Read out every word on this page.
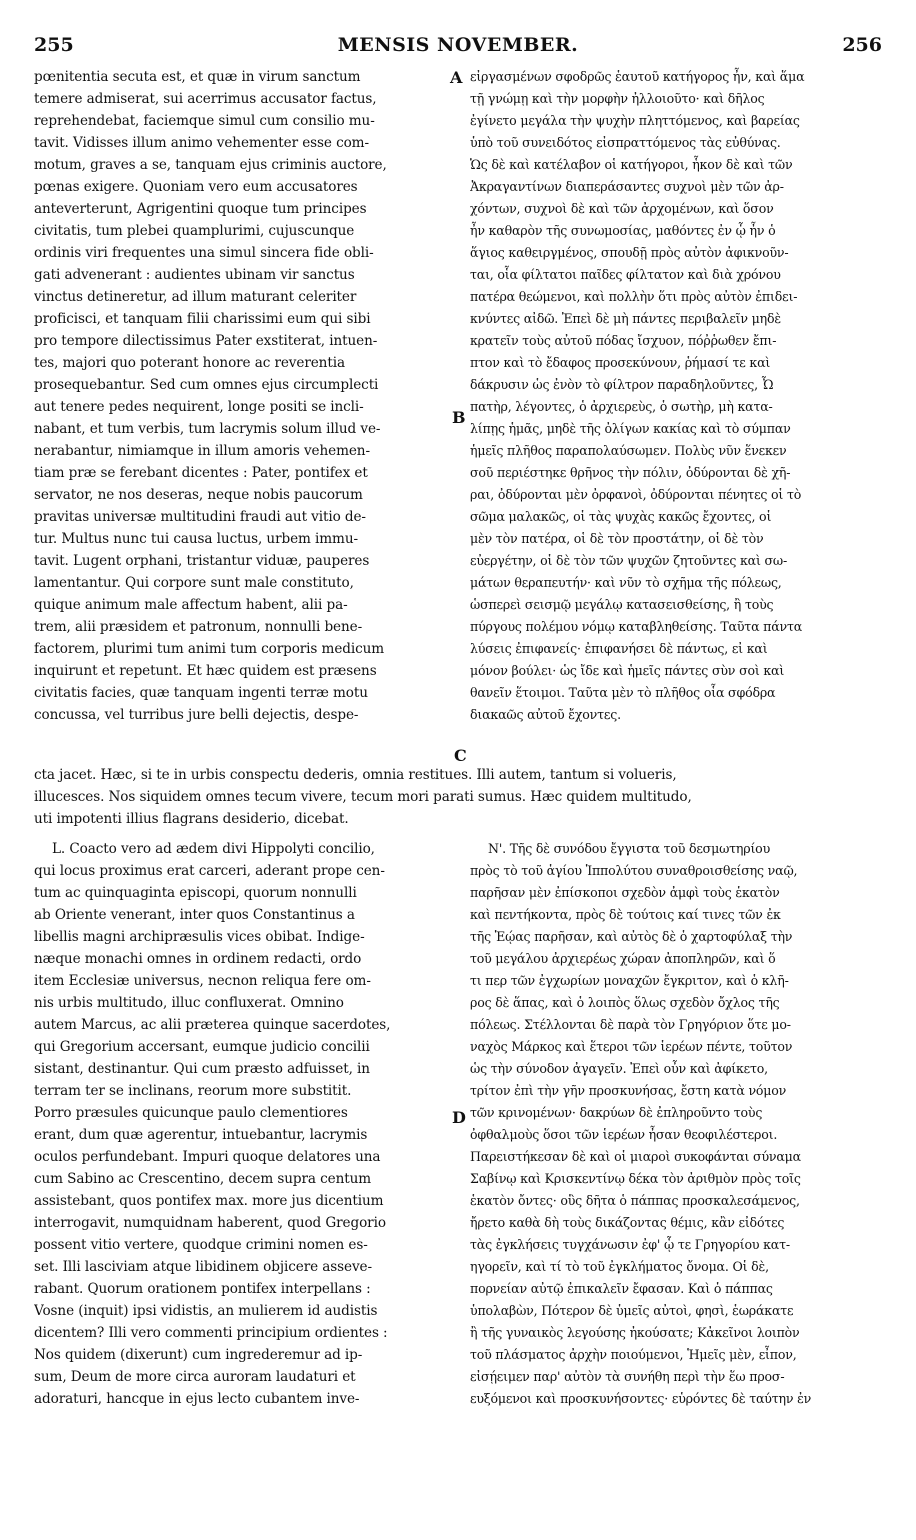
255	MENSIS NOVEMBER.	256
A
B
C
D
pœnitentia secuta est, et quæ in virum sanctum
temere admiserat, sui acerrimus accusator factus,
reprehendebat, faciemque simul cum consilio mu-
tavit. Vidisses illum animo vehementer esse com-
motum, graves a se, tanquam ejus criminis auctore,
pœnas exigere. Quoniam vero eum accusatores
anteverterunt, Agrigentini quoque tum principes
civitatis, tum plebei quamplurimi, cujuscunque
ordinis viri frequentes una simul sincera fide obli-
gati advenerant : audientes ubinam vir sanctus
vinctus detineretur, ad illum maturant celeriter
proficisci, et tanquam filii charissimi eum qui sibi
pro tempore dilectissimus Pater exstiterat, intuen-
tes, majori quo poterant honore ac reverentia
prosequebantur. Sed cum omnes ejus circumplecti
aut tenere pedes nequirent, longe positi se incli-
nabant, et tum verbis, tum lacrymis solum illud ve-
nerabantur, nimiamque in illum amoris vehemen-
tiam præ se ferebant dicentes : Pater, pontifex et
servator, ne nos deseras, neque nobis paucorum
pravitas universæ multitudini fraudi aut vitio de-
tur. Multus nunc tui causa luctus, urbem immu-
tavit. Lugent orphani, tristantur viduæ, pauperes
lamentantur. Qui corpore sunt male constituto,
quique animum male affectum habent, alii pa-
trem, alii præsidem et patronum, nonnulli bene-
factorem, plurimi tum animi tum corporis medicum
inquirunt et repetunt. Et hæc quidem est præsens
civitatis facies, quæ tanquam ingenti terræ motu
concussa, vel turribus jure belli dejectis, despe-
εἰργασμένων σφοδρῶς ἑαυτοῦ κατήγορος ἦν, καὶ ἅμα
τῇ γνώμῃ καὶ τὴν μορφὴν ἠλλοιοῦτο· καὶ δῆλος
ἐγίνετο μεγάλα τὴν ψυχὴν πληττόμενος, καὶ βαρείας
ὑπὸ τοῦ συνειδότος εἰσπραττόμενος τὰς εὐθύνας.
Ὡς δὲ καὶ κατέλαβον οἱ κατήγοροι, ἧκον δὲ καὶ τῶν
Ἀκραγαντίνων διαπεράσαντες συχνοὶ μὲν τῶν ἀρ-
χόντων, συχνοὶ δὲ καὶ τῶν ἀρχομένων, καὶ ὅσον
ἦν καθαρὸν τῆς συνωμοσίας, μαθόντες ἐν ᾧ ἦν ὁ
ἅγιος καθειργμένος, σπουδῇ πρὸς αὐτὸν ἀφικνοῦν-
ται, οἷα φίλτατοι παῖδες φίλτατον καὶ διὰ χρόνου
πατέρα θεώμενοι, καὶ πολλὴν ὅτι πρὸς αὐτὸν ἐπιδει-
κνύντες αἰδῶ. Ἐπεὶ δὲ μὴ πάντες περιβαλεῖν μηδὲ
κρατεῖν τοὺς αὐτοῦ πόδας ἴσχυον, πόῤῥωθεν ἔπι-
πτον καὶ τὸ ἔδαφος προσεκύνουν, ῥήμασί τε καὶ
δάκρυσιν ὡς ἐνὸν τὸ φίλτρον παραδηλοῦντες, Ὦ
πατὴρ, λέγοντες, ὁ ἀρχιερεὺς, ὁ σωτὴρ, μὴ κατα-
λίπῃς ἡμᾶς, μηδὲ τῆς ὀλίγων κακίας καὶ τὸ σύμπαν
ἡμεῖς πλῆθος παραπολαύσωμεν. Πολὺς νῦν ἕνεκεν
σοῦ περιέστηκε θρῆνος τὴν πόλιν, ὀδύρονται δὲ χῆ-
ραι, ὀδύρονται μὲν ὀρφανοὶ, ὀδύρονται πένητες οἱ τὸ
σῶμα μαλακῶς, οἱ τὰς ψυχὰς κακῶς ἔχοντες, οἱ
μὲν τὸν πατέρα, οἱ δὲ τὸν προστάτην, οἱ δὲ τὸν
εὐεργέτην, οἱ δὲ τὸν τῶν ψυχῶν ζητοῦντες καὶ σω-
μάτων θεραπευτήν· καὶ νῦν τὸ σχῆμα τῆς πόλεως,
ὡσπερεὶ σεισμῷ μεγάλῳ κατασεισθείσης, ἢ τοὺς
πύργους πολέμου νόμῳ καταβληθείσης. Ταῦτα πάντα
λύσεις ἐπιφανείς· ἐπιφανήσει δὲ πάντως, εἰ καὶ
μόνον βούλει· ὡς ἴδε καὶ ἡμεῖς πάντες σὺν σοὶ καὶ
θανεῖν ἕτοιμοι. Ταῦτα μὲν τὸ πλῆθος οἷα σφόδρα
διακαῶς αὐτοῦ ἔχοντες.
cta jacet. Hæc, si te in urbis conspectu dederis, omnia restitues. Illi autem, tantum si volueris,
illucesces. Nos siquidem omnes tecum vivere, tecum mori parati sumus. Hæc quidem multitudo,
uti impotenti illius flagrans desiderio, dicebat.
L. Coacto vero ad ædem divi Hippolyti concilio,
qui locus proximus erat carceri, aderant prope cen-
tum ac quinquaginta episcopi, quorum nonnulli
ab Oriente venerant, inter quos Constantinus a
libellis magni archipræsulis vices obibat. Indige-
næque monachi omnes in ordinem redacti, ordo
item Ecclesiæ universus, necnon reliqua fere om-
nis urbis multitudo, illuc confluxerat. Omnino
autem Marcus, ac alii præterea quinque sacerdotes,
qui Gregorium accersant, eumque judicio concilii
sistant, destinantur. Qui cum præsto adfuisset, in
terram ter se inclinans, reorum more substitit.
Porro præsules quicunque paulo clementiores
erant, dum quæ agerentur, intuebantur, lacrymis
oculos perfundebant. Impuri quoque delatores una
cum Sabino ac Crescentino, decem supra centum
assistebant, quos pontifex max. more jus dicentium
interrogavit, numquidnam haberent, quod Gregorio
possent vitio vertere, quodque crimini nomen es-
set. Illi lasciviam atque libidinem objicere asseve-
rabant. Quorum orationem pontifex interpellans :
Vosne (inquit) ipsi vidistis, an mulierem id audistis
dicentem? Illi vero commenti principium ordientes :
Nos quidem (dixerunt) cum ingrederemur ad ip-
sum, Deum de more circa auroram laudaturi et
adoraturi, hancque in ejus lecto cubantem inve-
Ν'. Τῆς δὲ συνόδου ἔγγιστα τοῦ δεσμωτηρίου
πρὸς τὸ τοῦ ἁγίου Ἱππολύτου συναθροισθείσης ναῷ,
παρῆσαν μὲν ἐπίσκοποι σχεδὸν ἀμφὶ τοὺς ἑκατὸν
καὶ πεντήκοντα, πρὸς δὲ τούτοις καί τινες τῶν ἐκ
τῆς Ἑῴας παρῆσαν, καὶ αὐτὸς δὲ ὁ χαρτοφύλαξ τὴν
τοῦ μεγάλου ἀρχιερέως χώραν ἀποπληρῶν, καὶ ὅ
τι περ τῶν ἐγχωρίων μοναχῶν ἔγκριτον, καὶ ὁ κλῆ-
ρος δὲ ἅπας, καὶ ὁ λοιπὸς ὅλως σχεδὸν ὄχλος τῆς
πόλεως. Στέλλονται δὲ παρὰ τὸν Γρηγόριον ὅτε μο-
ναχὸς Μάρκος καὶ ἕτεροι τῶν ἱερέων πέντε, τοῦτον
ὡς τὴν σύνοδον ἀγαγεῖν. Ἐπεὶ οὖν καὶ ἀφίκετο,
τρίτον ἐπὶ τὴν γῆν προσκυνήσας, ἔστη κατὰ νόμον
τῶν κρινομένων· δακρύων δὲ ἐπληροῦντο τοὺς
ὀφθαλμοὺς ὅσοι τῶν ἱερέων ἦσαν θεοφιλέστεροι.
Παρειστήκεσαν δὲ καὶ οἱ μιαροὶ συκοφάνται σύναμα
Σαβίνῳ καὶ Κρισκεντίνῳ δέκα τὸν ἀριθμὸν πρὸς τοῖς
ἑκατὸν ὄντες· οὓς δῆτα ὁ πάππας προσκαλεσάμενος,
ἤρετο καθὰ δὴ τοὺς δικάζοντας θέμις, κἂν εἰδότες
τὰς ἐγκλήσεις τυγχάνωσιν ἐφ' ᾧ τε Γρηγορίου κατ-
ηγορεῖν, καὶ τί τὸ τοῦ ἐγκλήματος ὄνομα. Οἱ δὲ,
πορνείαν αὐτῷ ἐπικαλεῖν ἔφασαν. Καὶ ὁ πάππας
ὑπολαβὼν, Πότερον δὲ ὑμεῖς αὐτοὶ, φησὶ, ἑωράκατε
ἢ τῆς γυναικὸς λεγούσης ἠκούσατε; Κἀκεῖνοι λοιπὸν
τοῦ πλάσματος ἀρχὴν ποιούμενοι, Ἡμεῖς μὲν, εἶπον,
εἰσῄειμεν παρ' αὐτὸν τὰ συνήθη περὶ τὴν ἕω προσ-
ευξόμενοι καὶ προσκυνήσοντες· εὑρόντες δὲ ταύτην ἐν
